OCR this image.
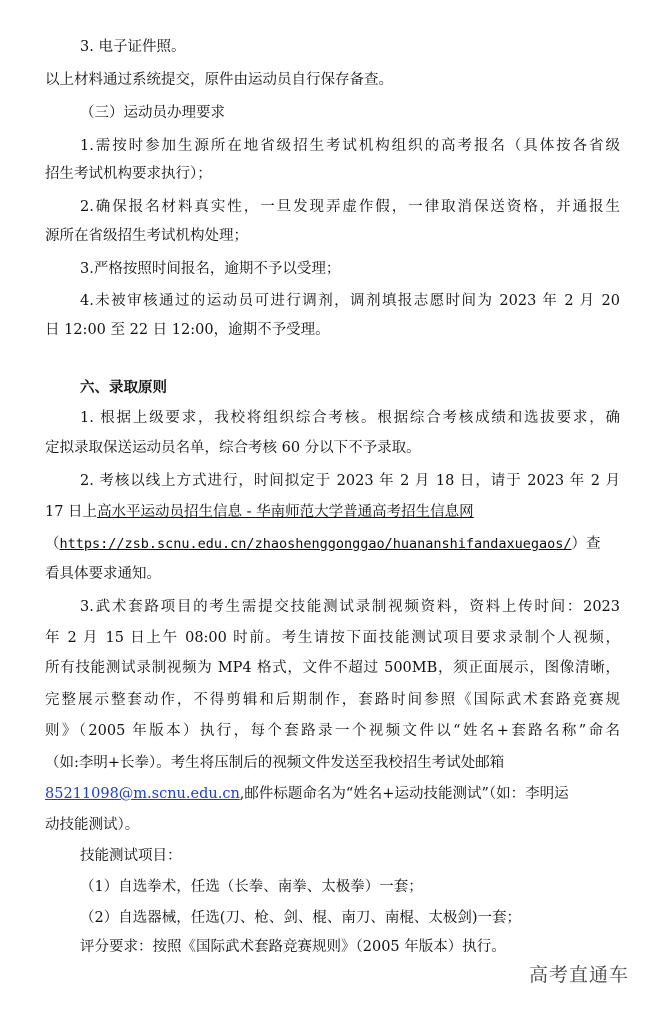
3. 电子证件照。
以上材料通过系统提交，原件由运动员自行保存备查。
（三）运动员办理要求
1.需按时参加生源所在地省级招生考试机构组织的高考报名（具体按各省级
招生考试机构要求执行）；
2.确保报名材料真实性，一旦发现弄虚作假，一律取消保送资格，并通报生
源所在省级招生考试机构处理；
3.严格按照时间报名，逾期不予以受理；
4.未被审核通过的运动员可进行调剂，调剂填报志愿时间为 2023 年 2 月 20
日 12:00 至 22 日 12:00，逾期不予受理。
六、录取原则
1. 根据上级要求，我校将组织综合考核。根据综合考核成绩和选拔要求，确
定拟录取保送运动员名单，综合考核 60 分以下不予录取。
2. 考核以线上方式进行，时间拟定于 2023 年 2 月 18 日，请于 2023 年 2 月
17 日上高水平运动员招生信息 - 华南师范大学普通高考招生信息网
（https://zsb.scnu.edu.cn/zhaoshenggonggao/huananshifandaxuegaos/）查
看具体要求通知。
3.武术套路项目的考生需提交技能测试录制视频资料，资料上传时间：2023
年 2 月 15 日上午 08:00 时前。考生请按下面技能测试项目要求录制个人视频，
所有技能测试录制视频为 MP4 格式，文件不超过 500MB，须正面展示，图像清晰，
完整展示整套动作，不得剪辑和后期制作，套路时间参照《国际武术套路竞赛规
则》（2005 年版本）执行，每个套路录一个视频文件以“姓名+套路名称”命名
（如:李明+长拳）。考生将压制后的视频文件发送至我校招生考试处邮箱
85211098@m.scnu.edu.cn,邮件标题命名为“姓名+运动技能测试”（如：李明运
动技能测试）。
技能测试项目：
（1）自选拳术，任选（长拳、南拳、太极拳）一套；
（2）自选器械，任选(刀、枪、剑、棍、南刀、南棍、太极剑)一套；
评分要求：按照《国际武术套路竞赛规则》（2005 年版本）执行。
高考直通车
